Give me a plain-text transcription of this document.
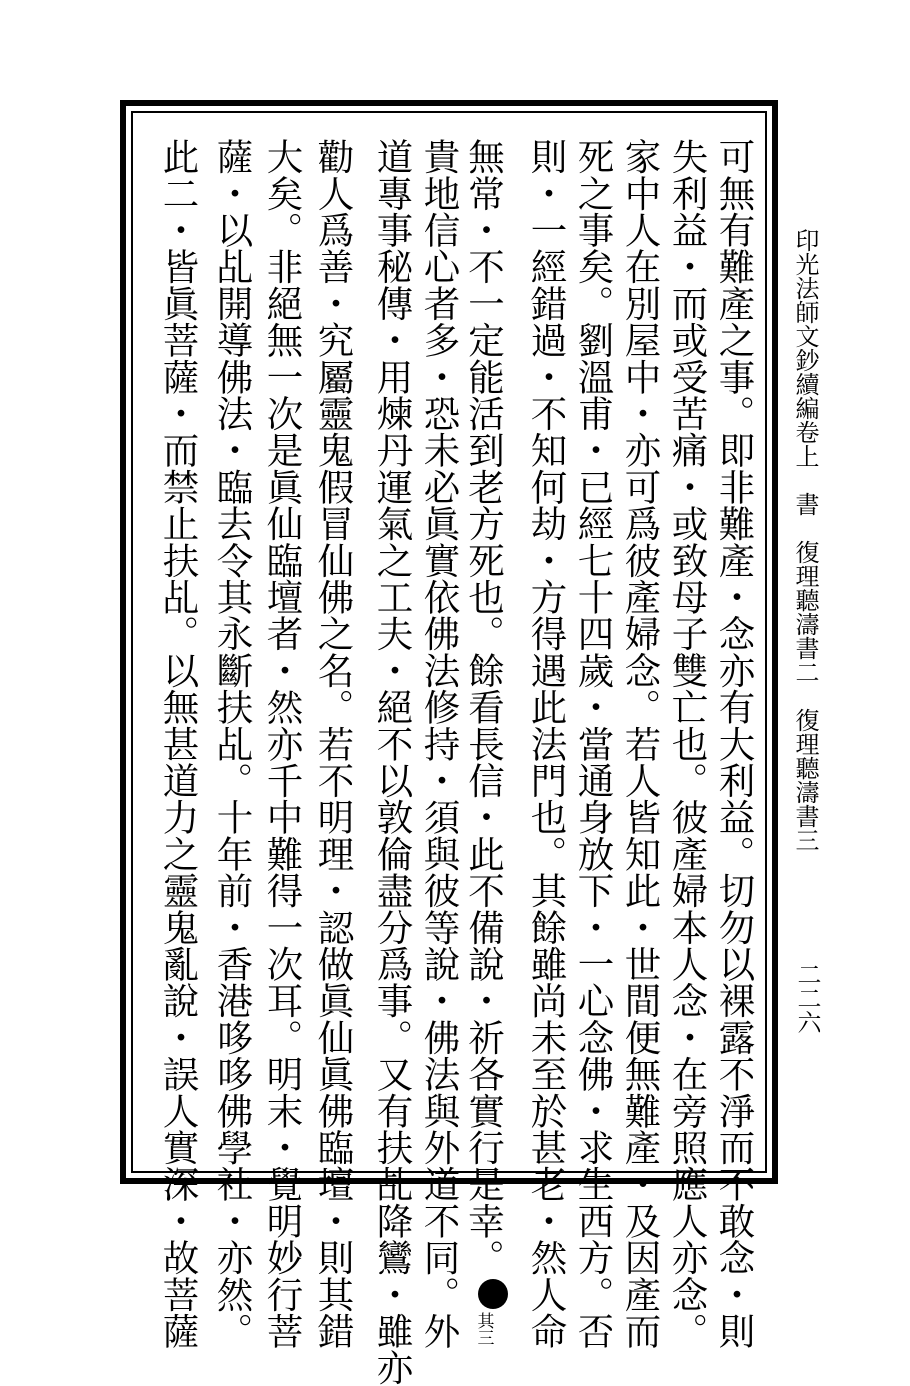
印光法師文鈔續編卷上　書　復理聽濤書二　復理聽濤書三
二二六
可無有難產之事。即非難產・念亦有大利益。切勿以裸露不淨而不敢念・則
失利益・而或受苦痛・或致母子雙亡也。彼產婦本人念・在旁照應人亦念。
家中人在別屋中・亦可爲彼產婦念。若人皆知此・世間便無難產・及因產而
死之事矣。劉溫甫・已經七十四歲・當通身放下・一心念佛・求生西方。否
則・一經錯過・不知何劫・方得遇此法門也。其餘雖尚未至於甚老・然人命
無常・不一定能活到老方死也。餘看長信・此不備說・祈各實行是幸。其三
貴地信心者多・恐未必眞實依佛法修持・須與彼等說・佛法與外道不同。外
道專事秘傳・用煉丹運氣之工夫・絕不以敦倫盡分爲事。又有扶乩降鸞・雖亦
勸人爲善・究屬靈鬼假冒仙佛之名。若不明理・認做眞仙眞佛臨壇・則其錯
大矣。非絕無一次是眞仙臨壇者・然亦千中難得一次耳。明末・覺明妙行菩
薩・以乩開導佛法・臨去令其永斷扶乩。十年前・香港哆哆佛學社・亦然。
此二・皆眞菩薩・而禁止扶乩。以無甚道力之靈鬼亂說・誤人實深・故菩薩
